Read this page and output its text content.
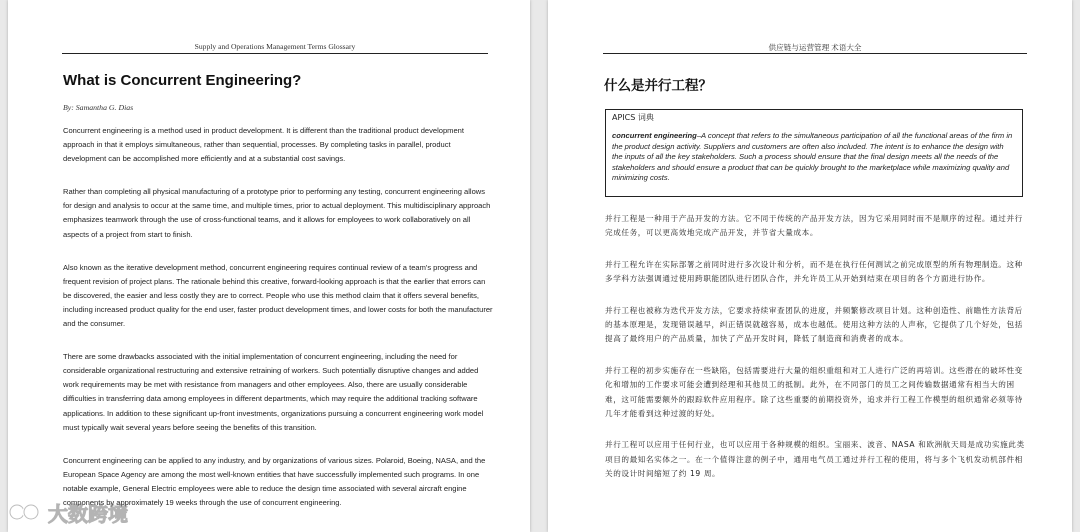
Supply and Operations Management Terms Glossary
What is Concurrent Engineering?
By: Samantha G. Dias

Concurrent engineering is a method used in product development. It is different than the traditional product development approach in that it employs simultaneous, rather than sequential, processes. By completing tasks in parallel, product development can be accomplished more efficiently and at a substantial cost savings.

Rather than completing all physical manufacturing of a prototype prior to performing any testing, concurrent engineering allows for design and analysis to occur at the same time, and multiple times, prior to actual deployment. This multidisciplinary approach emphasizes teamwork through the use of cross-functional teams, and it allows for employees to work collaboratively on all aspects of a project from start to finish.

Also known as the iterative development method, concurrent engineering requires continual review of a team's progress and frequent revision of project plans. The rationale behind this creative, forward-looking approach is that the earlier that errors can be discovered, the easier and less costly they are to correct. People who use this method claim that it offers several benefits, including increased product quality for the end user, faster product development times, and lower costs for both the manufacturer and the consumer.

There are some drawbacks associated with the initial implementation of concurrent engineering, including the need for considerable organizational restructuring and extensive retraining of workers. Such potentially disruptive changes and added work requirements may be met with resistance from managers and other employees. Also, there are usually considerable difficulties in transferring data among employees in different departments, which may require the additional tracking software applications. In addition to these significant up-front investments, organizations pursuing a concurrent engineering work model must typically wait several years before seeing the benefits of this transition.

Concurrent engineering can be applied to any industry, and by organizations of various sizes. Polaroid, Boeing, NASA, and the European Space Agency are among the most well-known entities that have successfully implemented such programs. In one notable example, General Electric employees were able to reduce the design time associated with several aircraft engine components by approximately 19 weeks through the use of concurrent engineering.

供应链与运营管理 术语大全
什么是并行工程？
APICS 词典
concurrent engineering–A concept that refers to the simultaneous participation of all the functional areas of the firm in the product design activity. Suppliers and customers are often also included. The intent is to enhance the design with the inputs of all the key stakeholders. Such a process should ensure that the final design meets all the needs of the stakeholders and should ensure a product that can be quickly brought to the marketplace while maximizing quality and minimizing costs.

并行工程是一种用于产品开发的方法。它不同于传统的产品开发方法，因为它采用同时而不是顺序的过程。通过并行完成任务，可以更高效地完成产品开发，并节省大量成本。

并行工程允许在实际部署之前同时进行多次设计和分析，而不是在执行任何测试之前完成原型的所有物理制造。这种多学科方法强调通过使用跨职能团队进行团队合作，并允许员工从开始到结束在项目的各个方面进行协作。

并行工程也被称为迭代开发方法，它要求持续审查团队的进度，并频繁修改项目计划。这种创造性、前瞻性方法背后的基本原理是，发现错误越早，纠正错误就越容易，成本也越低。使用这种方法的人声称，它提供了几个好处，包括提高了最终用户的产品质量，加快了产品开发时间，降低了制造商和消费者的成本。

并行工程的初步实施存在一些缺陷，包括需要进行大量的组织重组和对工人进行广泛的再培训。这些潜在的破坏性变化和增加的工作要求可能会遭到经理和其他员工的抵制。此外，在不同部门的员工之间传输数据通常有相当大的困难，这可能需要额外的跟踪软件应用程序。除了这些重要的前期投资外，追求并行工程工作模型的组织通常必须等待几年才能看到这种过渡的好处。

并行工程可以应用于任何行业，也可以应用于各种规模的组织。宝丽来、波音、NASA 和欧洲航天局是成功实施此类项目的最知名实体之一。在一个值得注意的例子中，通用电气员工通过并行工程的使用，将与多个飞机发动机部件相关的设计时间缩短了约 19 周。

大数跨境
